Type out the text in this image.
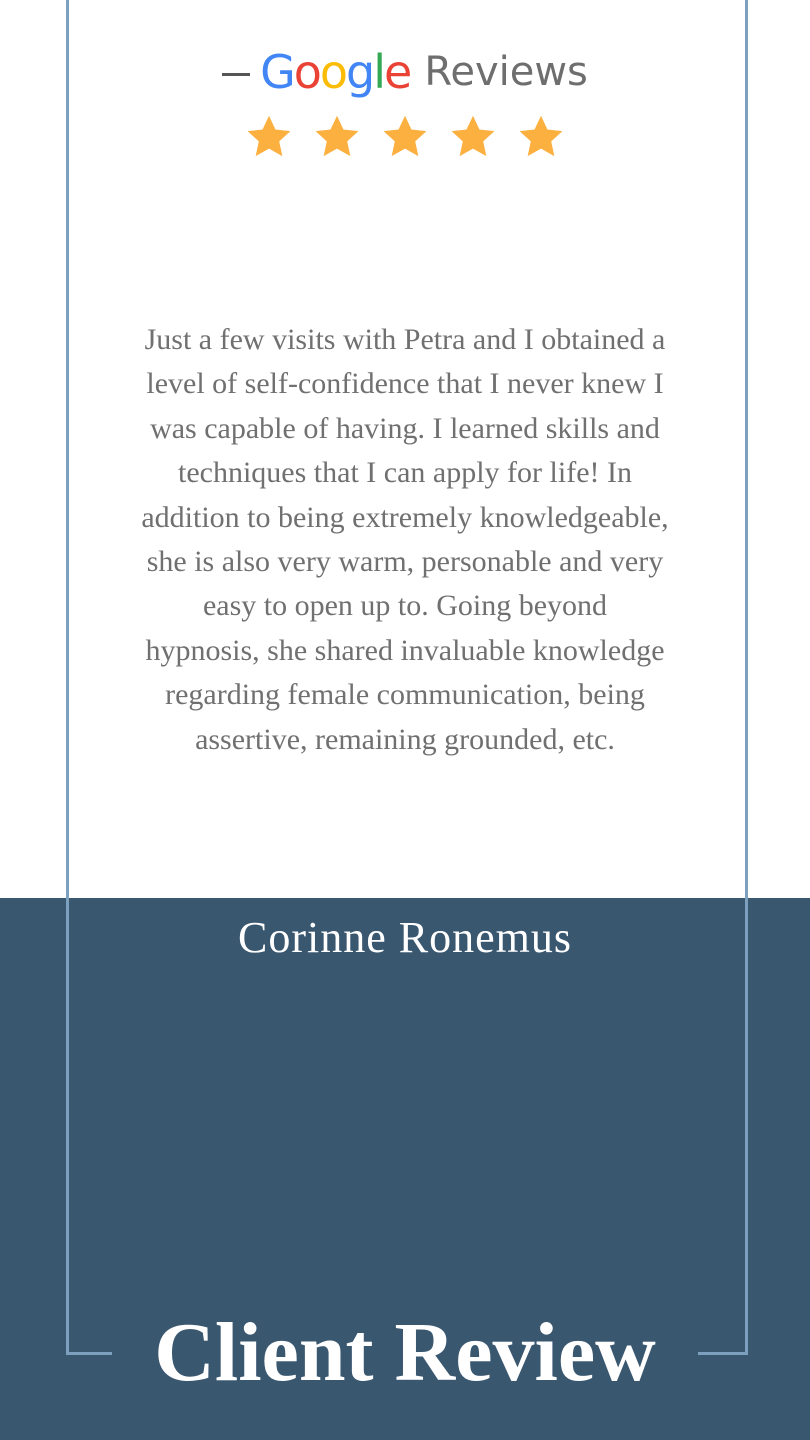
Google Reviews
Just a few visits with Petra and I obtained a
level of self-confidence that I never knew I
was capable of having. I learned skills and
techniques that I can apply for life! In
addition to being extremely knowledgeable,
she is also very warm, personable and very
easy to open up to. Going beyond
hypnosis, she shared invaluable knowledge
regarding female communication, being
assertive, remaining grounded, etc.
Corinne Ronemus
Client Review
